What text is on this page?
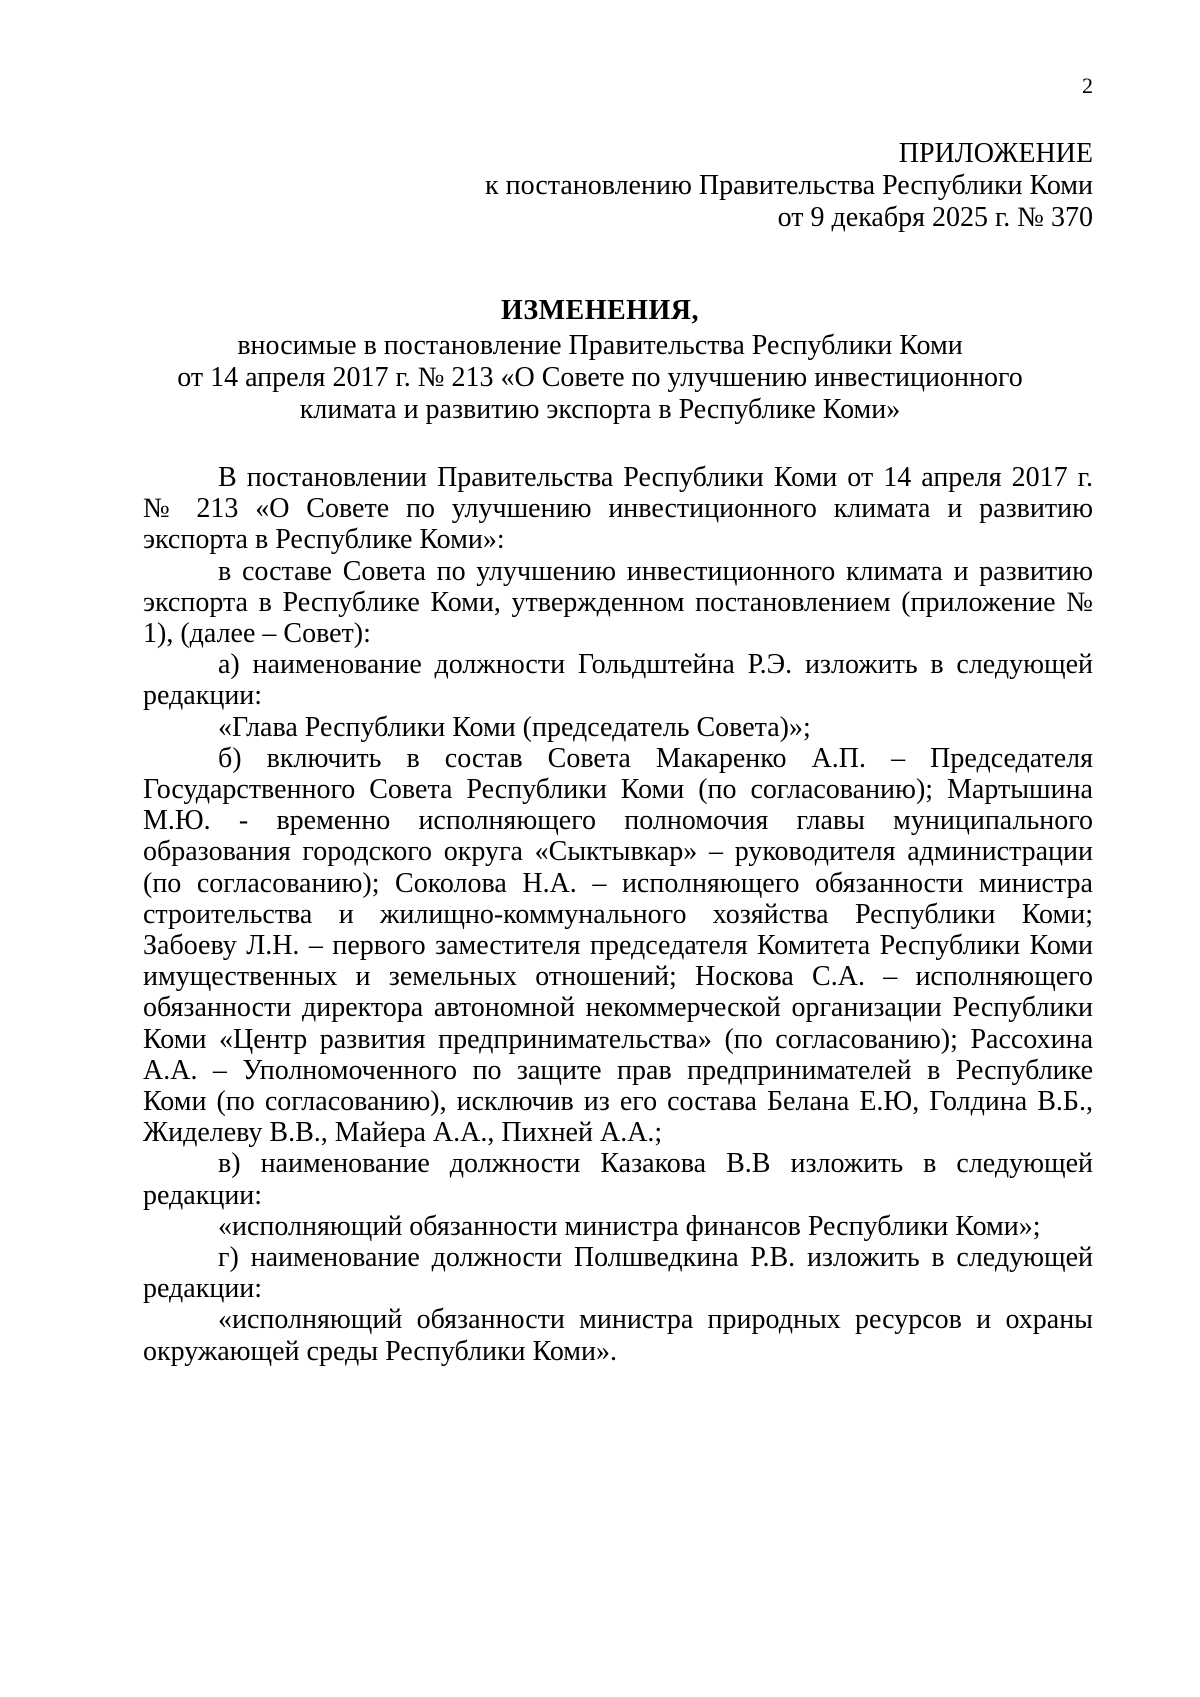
2
ПРИЛОЖЕНИЕ
к постановлению Правительства Республики Коми
от 9 декабря 2025 г. № 370
ИЗМЕНЕНИЯ,
вносимые в постановление Правительства Республики Коми
от 14 апреля 2017 г. № 213 «О Совете по улучшению инвестиционного
климата и развитию экспорта в Республике Коми»

В постановлении Правительства Республики Коми от 14 апреля 2017 г. № 213 «О Совете по улучшению инвестиционного климата и развитию экспорта в Республике Коми»:

в составе Совета по улучшению инвестиционного климата и развитию экспорта в Республике Коми, утвержденном постановлением (приложение № 1), (далее – Совет):

а) наименование должности Гольдштейна Р.Э. изложить в следующей редакции:

«Глава Республики Коми (председатель Совета)»;

б) включить в состав Совета Макаренко А.П. – Председателя Государственного Совета Республики Коми (по согласованию); Мартышина М.Ю. - временно исполняющего полномочия главы муниципального образования городского округа «Сыктывкар» – руководителя администрации (по согласованию); Соколова Н.А. – исполняющего обязанности министра строительства и жилищно-коммунального хозяйства Республики Коми; Забоеву Л.Н. – первого заместителя председателя Комитета Республики Коми имущественных и земельных отношений; Носкова С.А. – исполняющего обязанности директора автономной некоммерческой организации Республики Коми «Центр развития предпринимательства» (по согласованию); Рассохина А.А. – Уполномоченного по защите прав предпринимателей в Республике Коми (по согласованию), исключив из его состава Белана Е.Ю, Голдина В.Б., Жиделеву В.В., Майера А.А., Пихней А.А.;

в) наименование должности Казакова В.В изложить в следующей редакции:

«исполняющий обязанности министра финансов Республики Коми»;

г) наименование должности Полшведкина Р.В. изложить в следующей редакции:

«исполняющий обязанности министра природных ресурсов и охраны окружающей среды Республики Коми».
